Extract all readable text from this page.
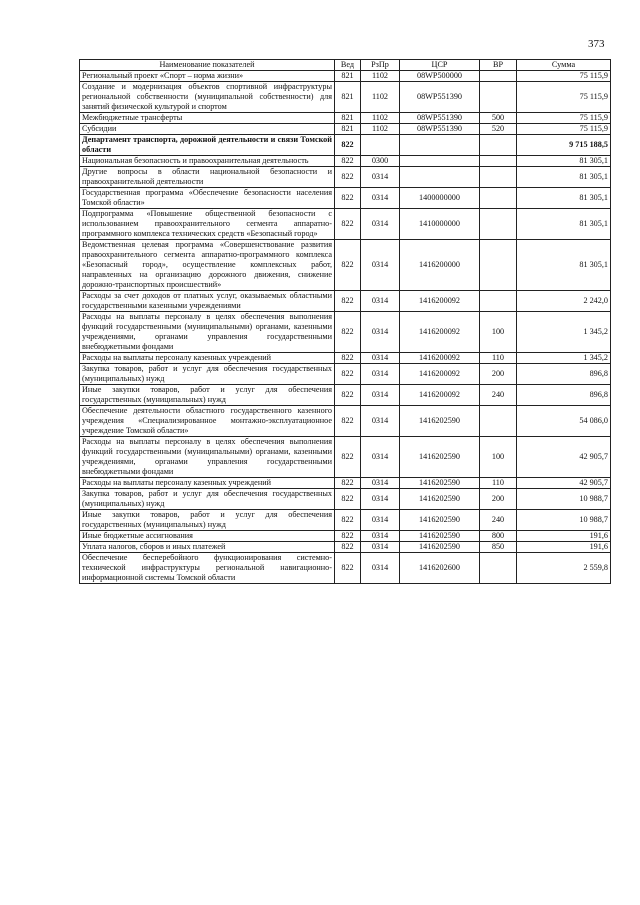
373
Наименование показателей	Вед	РзПр	ЦСР	ВР	Сумма
Региональный проект «Спорт – норма жизни»	821	1102	08WP500000		75 115,9
Создание и модернизация объектов спортивной инфраструктуры региональной собственности (муниципальной собственности) для занятий физической культурой и спортом	821	1102	08WP551390		75 115,9
Межбюджетные трансферты	821	1102	08WP551390	500	75 115,9
Субсидии	821	1102	08WP551390	520	75 115,9
Департамент транспорта, дорожной деятельности и связи Томской области	822				9 715 188,5
Национальная безопасность и правоохранительная деятельность	822	0300			81 305,1
Другие вопросы в области национальной безопасности и правоохранительной деятельности	822	0314			81 305,1
Государственная программа «Обеспечение безопасности населения Томской области»	822	0314	1400000000		81 305,1
Подпрограмма «Повышение общественной безопасности с использованием правоохранительного сегмента аппаратно-программного комплекса технических средств «Безопасный город»	822	0314	1410000000		81 305,1
Ведомственная целевая программа «Совершенствование развития правоохранительного сегмента аппаратно-программного комплекса «Безопасный город», осуществление комплексных работ, направленных на организацию дорожного движения, снижение дорожно-транспортных происшествий»	822	0314	1416200000		81 305,1
Расходы за счет доходов от платных услуг, оказываемых областными государственными казенными учреждениями	822	0314	1416200092		2 242,0
Расходы на выплаты персоналу в целях обеспечения выполнения функций государственными (муниципальными) органами, казенными учреждениями, органами управления государственными внебюджетными фондами	822	0314	1416200092	100	1 345,2
Расходы на выплаты персоналу казенных учреждений	822	0314	1416200092	110	1 345,2
Закупка товаров, работ и услуг для обеспечения государственных (муниципальных) нужд	822	0314	1416200092	200	896,8
Иные закупки товаров, работ и услуг для обеспечения государственных (муниципальных) нужд	822	0314	1416200092	240	896,8
Обеспечение деятельности областного государственного казенного учреждения «Специализированное монтажно-эксплуатационное учреждение Томской области»	822	0314	1416202590		54 086,0
Расходы на выплаты персоналу в целях обеспечения выполнения функций государственными (муниципальными) органами, казенными учреждениями, органами управления государственными внебюджетными фондами	822	0314	1416202590	100	42 905,7
Расходы на выплаты персоналу казенных учреждений	822	0314	1416202590	110	42 905,7
Закупка товаров, работ и услуг для обеспечения государственных (муниципальных) нужд	822	0314	1416202590	200	10 988,7
Иные закупки товаров, работ и услуг для обеспечения государственных (муниципальных) нужд	822	0314	1416202590	240	10 988,7
Иные бюджетные ассигнования	822	0314	1416202590	800	191,6
Уплата налогов, сборов и иных платежей	822	0314	1416202590	850	191,6
Обеспечение бесперебойного функционирования системно-технической инфраструктуры региональной навигационно-информационной системы Томской области	822	0314	1416202600		2 559,8
